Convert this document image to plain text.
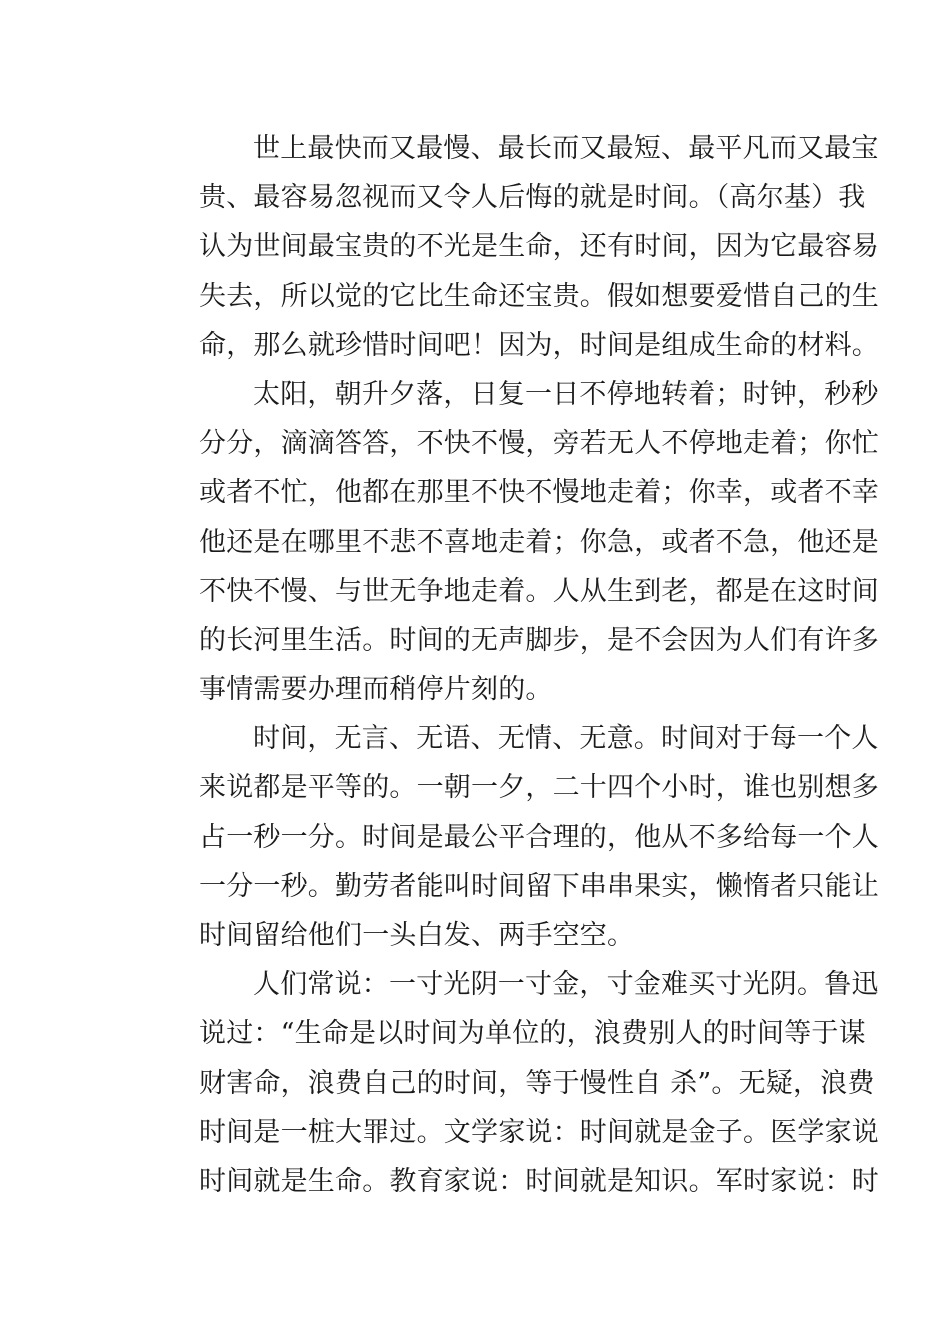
世上最快而又最慢、最长而又最短、最平凡而又最宝
贵、最容易忽视而又令人后悔的就是时间。（高尔基）我
认为世间最宝贵的不光是生命，还有时间，因为它最容易
失去，所以觉的它比生命还宝贵。假如想要爱惜自己的生
命，那么就珍惜时间吧！因为，时间是组成生命的材料。
太阳，朝升夕落，日复一日不停地转着；时钟，秒秒
分分，滴滴答答，不快不慢，旁若无人不停地走着；你忙
或者不忙，他都在那里不快不慢地走着；你幸，或者不幸
他还是在哪里不悲不喜地走着；你急，或者不急，他还是
不快不慢、与世无争地走着。人从生到老，都是在这时间
的长河里生活。时间的无声脚步，是不会因为人们有许多
事情需要办理而稍停片刻的。
时间，无言、无语、无情、无意。时间对于每一个人
来说都是平等的。一朝一夕，二十四个小时，谁也别想多
占一秒一分。时间是最公平合理的，他从不多给每一个人
一分一秒。勤劳者能叫时间留下串串果实，懒惰者只能让
时间留给他们一头白发、两手空空。
人们常说：一寸光阴一寸金，寸金难买寸光阴。鲁迅
说过：“生命是以时间为单位的，浪费别人的时间等于谋
财害命，浪费自己的时间，等于慢性自 杀”。无疑，浪费
时间是一桩大罪过。文学家说：时间就是金子。医学家说
时间就是生命。教育家说：时间就是知识。军时家说：时
